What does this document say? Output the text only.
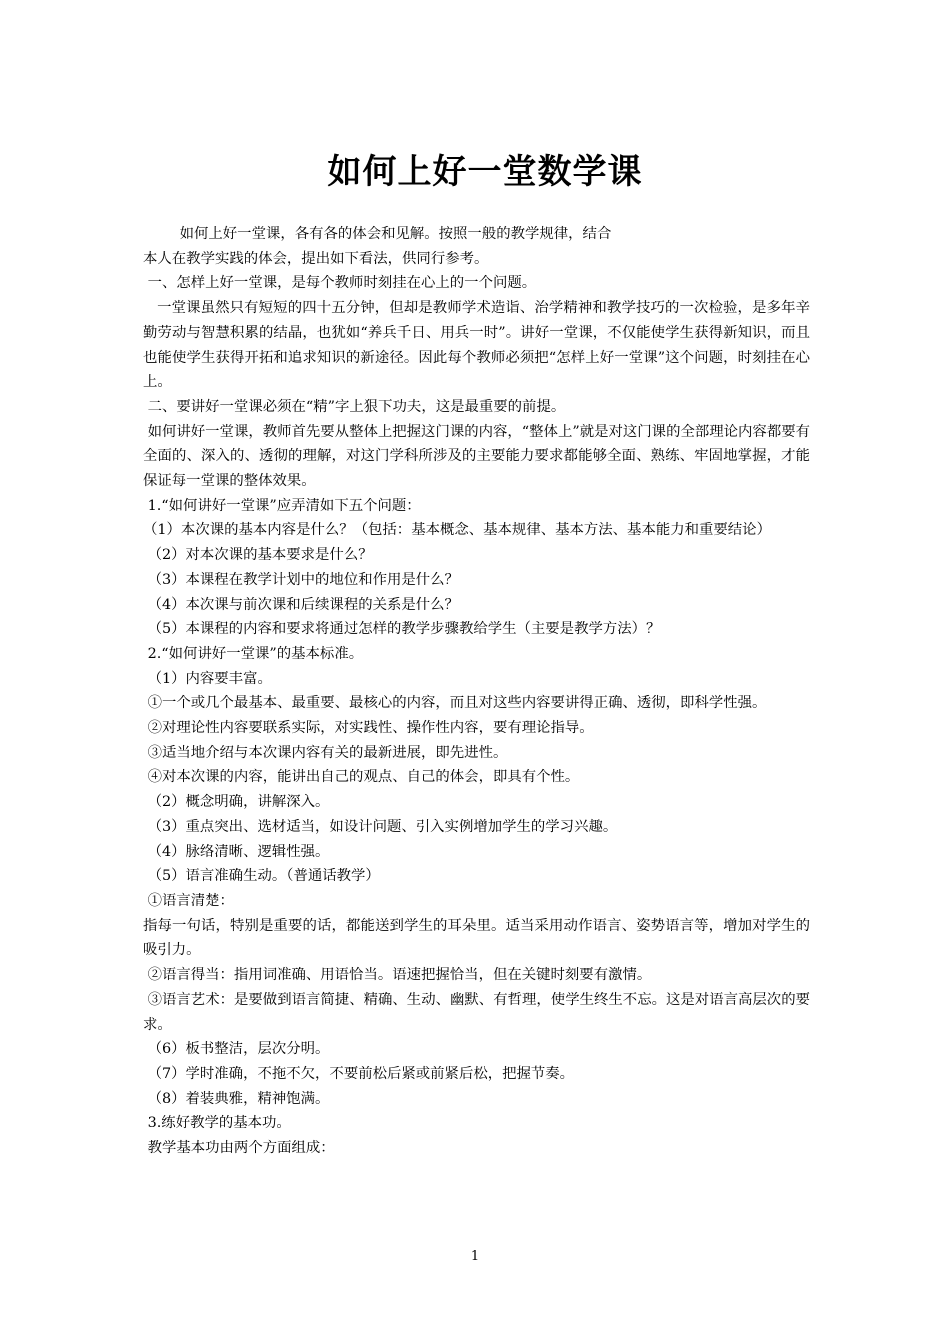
如何上好一堂数学课

如何上好一堂课，各有各的体会和见解。按照一般的教学规律，结合

本人在教学实践的体会，提出如下看法，供同行参考。

一、怎样上好一堂课，是每个教师时刻挂在心上的一个问题。

一堂课虽然只有短短的四十五分钟，但却是教师学术造诣、治学精神和教学技巧的一次检验，是多年辛勤劳动与智慧积累的结晶，也犹如“养兵千日、用兵一时”。讲好一堂课，不仅能使学生获得新知识，而且也能使学生获得开拓和追求知识的新途径。因此每个教师必须把“怎样上好一堂课”这个问题，时刻挂在心上。

二、要讲好一堂课必须在“精”字上狠下功夫，这是最重要的前提。

如何讲好一堂课，教师首先要从整体上把握这门课的内容，“整体上”就是对这门课的全部理论内容都要有全面的、深入的、透彻的理解，对这门学科所涉及的主要能力要求都能够全面、熟练、牢固地掌握，才能保证每一堂课的整体效果。

1.“如何讲好一堂课”应弄清如下五个问题：

（1）本次课的基本内容是什么？（包括：基本概念、基本规律、基本方法、基本能力和重要结论）

（2）对本次课的基本要求是什么？

（3）本课程在教学计划中的地位和作用是什么？

（4）本次课与前次课和后续课程的关系是什么？

（5）本课程的内容和要求将通过怎样的教学步骤教给学生（主要是教学方法）？

2.“如何讲好一堂课”的基本标准。

（1）内容要丰富。

①一个或几个最基本、最重要、最核心的内容，而且对这些内容要讲得正确、透彻，即科学性强。

②对理论性内容要联系实际，对实践性、操作性内容，要有理论指导。

③适当地介绍与本次课内容有关的最新进展，即先进性。

④对本次课的内容，能讲出自己的观点、自己的体会，即具有个性。

（2）概念明确，讲解深入。

（3）重点突出、选材适当，如设计问题、引入实例增加学生的学习兴趣。

（4）脉络清晰、逻辑性强。

（5）语言准确生动。（普通话教学）

①语言清楚：

指每一句话，特别是重要的话，都能送到学生的耳朵里。适当采用动作语言、姿势语言等，增加对学生的吸引力。

②语言得当：指用词准确、用语恰当。语速把握恰当，但在关键时刻要有激情。

③语言艺术：是要做到语言简捷、精确、生动、幽默、有哲理，使学生终生不忘。这是对语言高层次的要求。

（6）板书整洁，层次分明。

（7）学时准确，不拖不欠，不要前松后紧或前紧后松，把握节奏。

（8）着装典雅，精神饱满。

3.练好教学的基本功。

教学基本功由两个方面组成：

1
